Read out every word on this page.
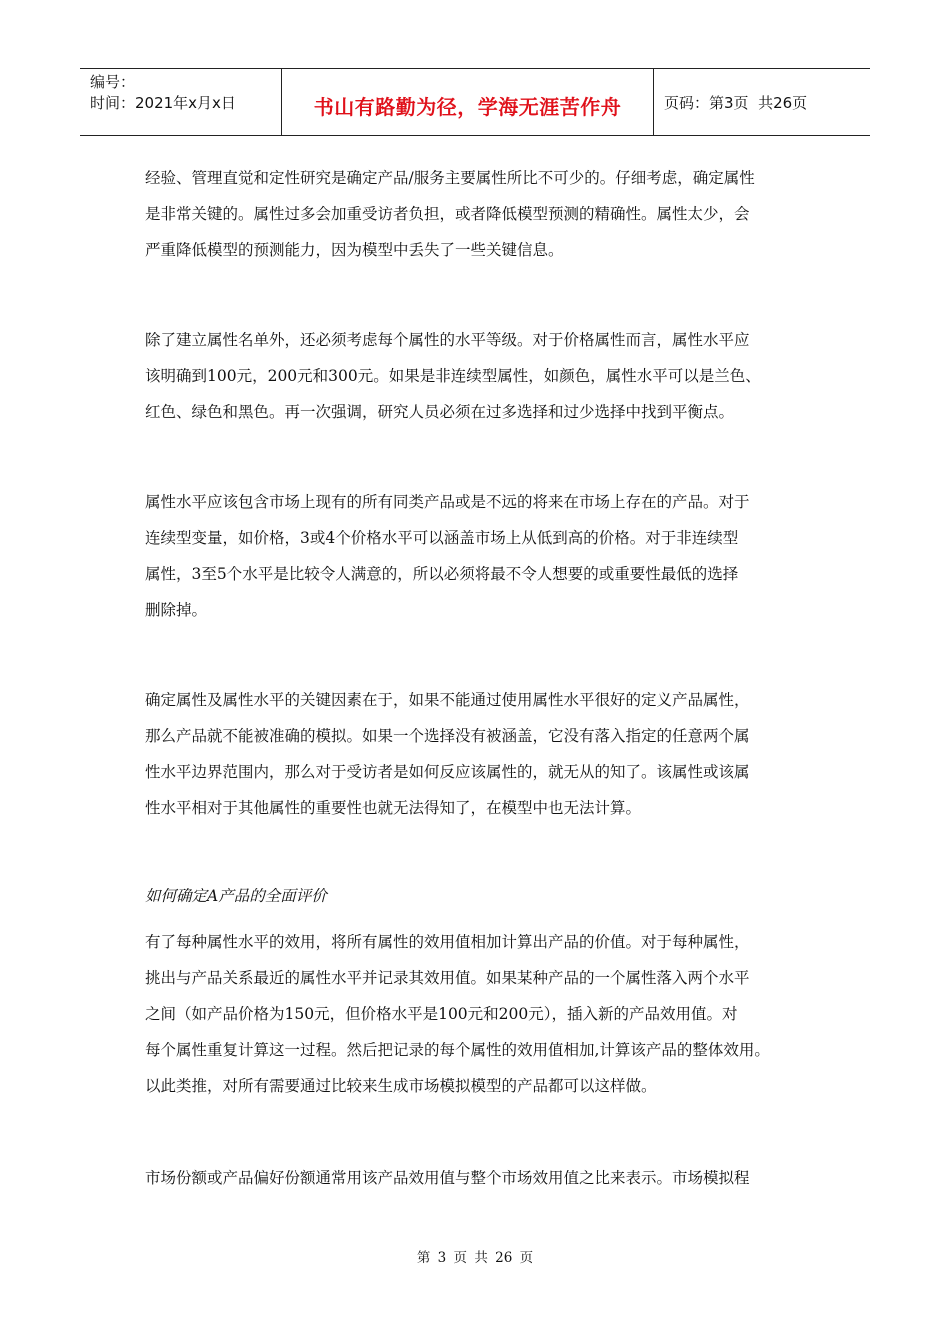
编号：
时间：2021年x月x日	书山有路勤为径，学海无涯苦作舟	页码：第3页  共26页
经验、管理直觉和定性研究是确定产品/服务主要属性所比不可少的。仔细考虑，确定属性
是非常关键的。属性过多会加重受访者负担，或者降低模型预测的精确性。属性太少，会
严重降低模型的预测能力，因为模型中丢失了一些关键信息。
除了建立属性名单外，还必须考虑每个属性的水平等级。对于价格属性而言，属性水平应
该明确到100元，200元和300元。如果是非连续型属性，如颜色，属性水平可以是兰色、
红色、绿色和黑色。再一次强调，研究人员必须在过多选择和过少选择中找到平衡点。
属性水平应该包含市场上现有的所有同类产品或是不远的将来在市场上存在的产品。对于
连续型变量，如价格，3或4个价格水平可以涵盖市场上从低到高的价格。对于非连续型
属性，3至5个水平是比较令人满意的，所以必须将最不令人想要的或重要性最低的选择
删除掉。
确定属性及属性水平的关键因素在于，如果不能通过使用属性水平很好的定义产品属性，
那么产品就不能被准确的模拟。如果一个选择没有被涵盖，它没有落入指定的任意两个属
性水平边界范围内，那么对于受访者是如何反应该属性的，就无从的知了。该属性或该属
性水平相对于其他属性的重要性也就无法得知了，在模型中也无法计算。
如何确定A产品的全面评价
有了每种属性水平的效用，将所有属性的效用值相加计算出产品的价值。对于每种属性，
挑出与产品关系最近的属性水平并记录其效用值。如果某种产品的一个属性落入两个水平
之间（如产品价格为150元，但价格水平是100元和200元），插入新的产品效用值。对
每个属性重复计算这一过程。然后把记录的每个属性的效用值相加,计算该产品的整体效用。
以此类推，对所有需要通过比较来生成市场模拟模型的产品都可以这样做。
市场份额或产品偏好份额通常用该产品效用值与整个市场效用值之比来表示。市场模拟程
第 3 页 共 26 页
